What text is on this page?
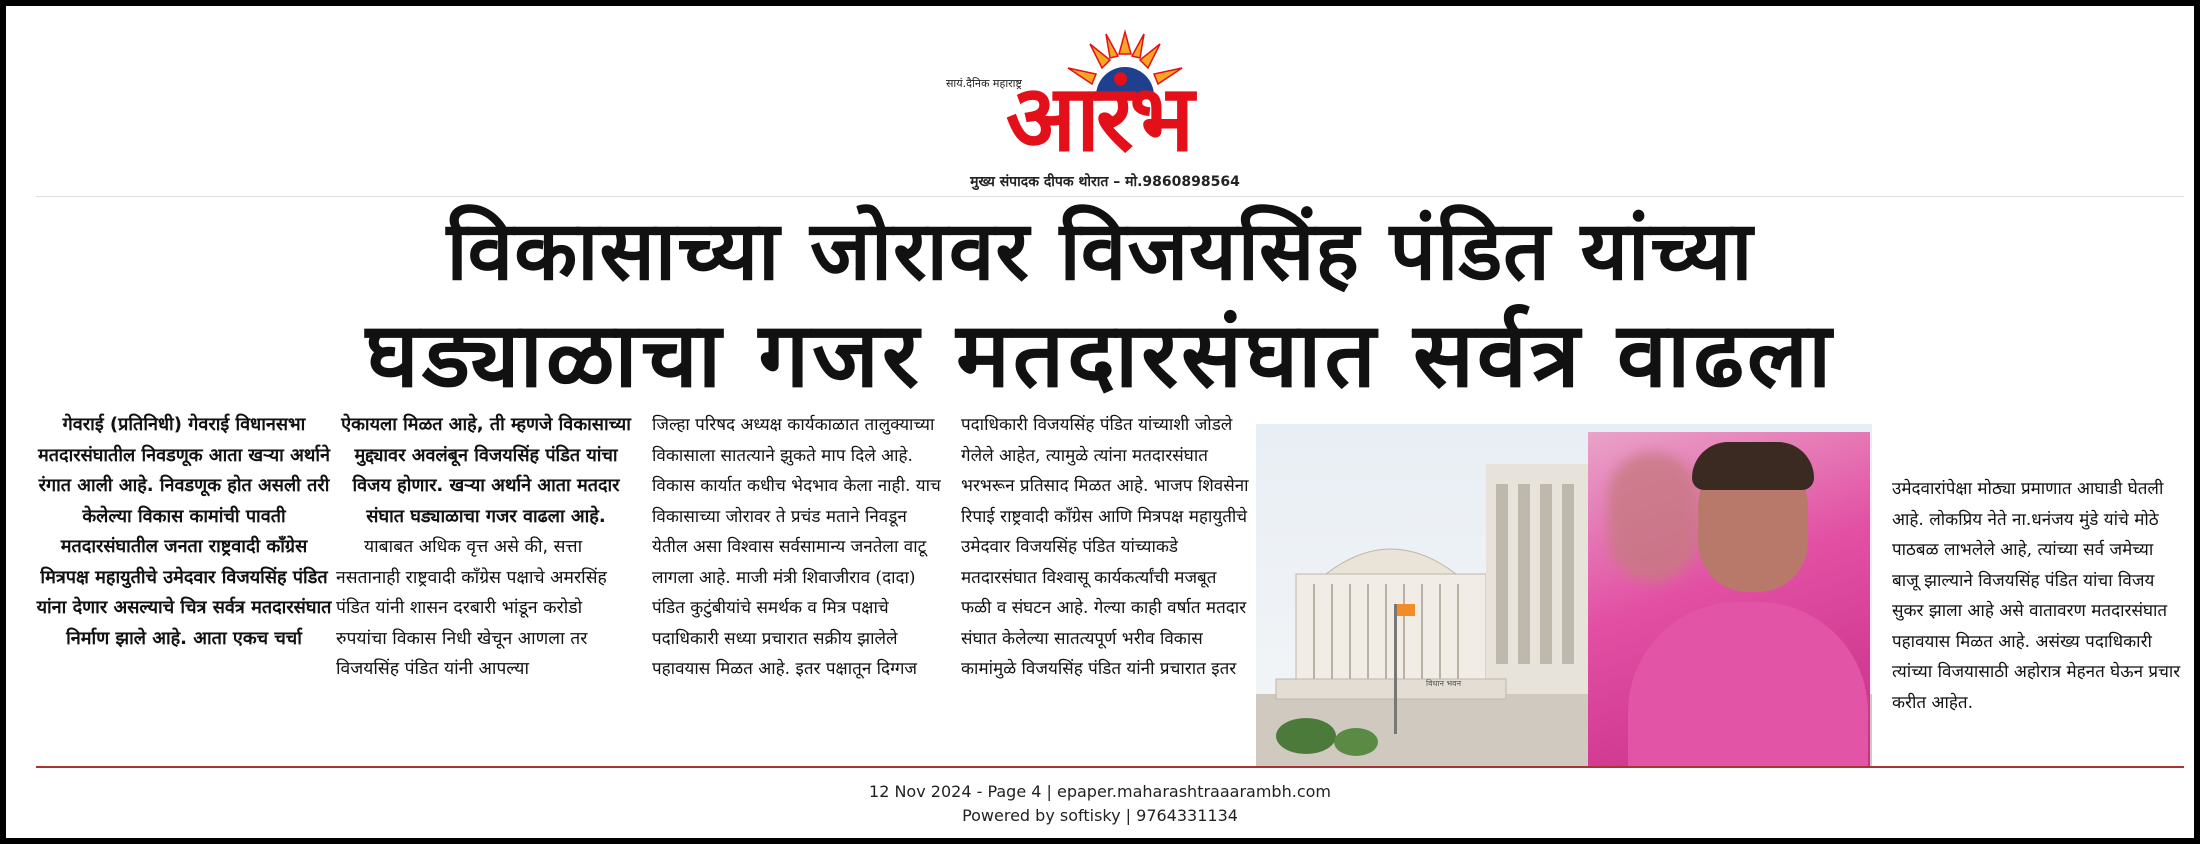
सायं.दैनिक महाराष्ट्र
आरंभ
मुख्य संपादक दीपक थोरात – मो.9860898564
विकासाच्या जोरावर विजयसिंह पंडित यांच्या
घड्याळाचा गजर मतदारसंघात सर्वत्र वाढला

गेवराई (प्रतिनिधी) गेवराई विधानसभा मतदारसंघातील निवडणूक आता खऱ्या अर्थाने रंगात आली आहे. निवडणूक होत असली तरी केलेल्या विकास कामांची पावती मतदारसंघातील जनता राष्ट्रवादी कॉंग्रेस मित्रपक्ष महायुतीचे उमेदवार विजयसिंह पंडित यांना देणार असल्याचे चित्र सर्वत्र मतदारसंघात निर्माण झाले आहे. आता एकच चर्चा

ऐकायला मिळत आहे, ती म्हणजे विकासाच्या मुद्द्यावर अवलंबून विजयसिंह पंडित यांचा विजय होणार. खऱ्या अर्थाने आता मतदार संघात घड्याळाचा गजर वाढला आहे.

याबाबत अधिक वृत्त असे की, सत्ता नसतानाही राष्ट्रवादी कॉंग्रेस पक्षाचे अमरसिंह पंडित यांनी शासन दरबारी भांडून करोडो रुपयांचा विकास निधी खेचून आणला तर विजयसिंह पंडित यांनी आपल्या

जिल्हा परिषद अध्यक्ष कार्यकाळात तालुक्याच्या विकासाला सातत्याने झुकते माप दिले आहे. विकास कार्यात कधीच भेदभाव केला नाही. याच विकासाच्या जोरावर ते प्रचंड मताने निवडून येतील असा विश्वास सर्वसामान्य जनतेला वाटू लागला आहे. माजी मंत्री शिवाजीराव (दादा) पंडित कुटुंबीयांचे समर्थक व मित्र पक्षाचे पदाधिकारी सध्या प्रचारात सक्रीय झालेले पहावयास मिळत आहे. इतर पक्षातून दिग्गज

पदाधिकारी विजयसिंह पंडित यांच्याशी जोडले गेलेले आहेत, त्यामुळे त्यांना मतदारसंघात भरभरून प्रतिसाद मिळत आहे. भाजप शिवसेना रिपाई राष्ट्रवादी कॉंग्रेस आणि मित्रपक्ष महायुतीचे उमेदवार विजयसिंह पंडित यांच्याकडे मतदारसंघात विश्वासू कार्यकर्त्यांची मजबूत फळी व संघटन आहे. गेल्या काही वर्षात मतदार संघात केलेल्या सातत्यपूर्ण भरीव विकास कामांमुळे विजयसिंह पंडित यांनी प्रचारात इतर

विधान भवन

उमेदवारांपेक्षा मोठ्या प्रमाणात आघाडी घेतली आहे. लोकप्रिय नेते ना.धनंजय मुंडे यांचे मोठे पाठबळ लाभलेले आहे, त्यांच्या सर्व जमेच्या बाजू झाल्याने विजयसिंह पंडित यांचा विजय सुकर झाला आहे असे वातावरण मतदारसंघात पहावयास मिळत आहे. असंख्य पदाधिकारी त्यांच्या विजयासाठी अहोरात्र मेहनत घेऊन प्रचार करीत आहेत.

12 Nov 2024 - Page 4 | epaper.maharashtraaarambh.com
Powered by softisky | 9764331134
